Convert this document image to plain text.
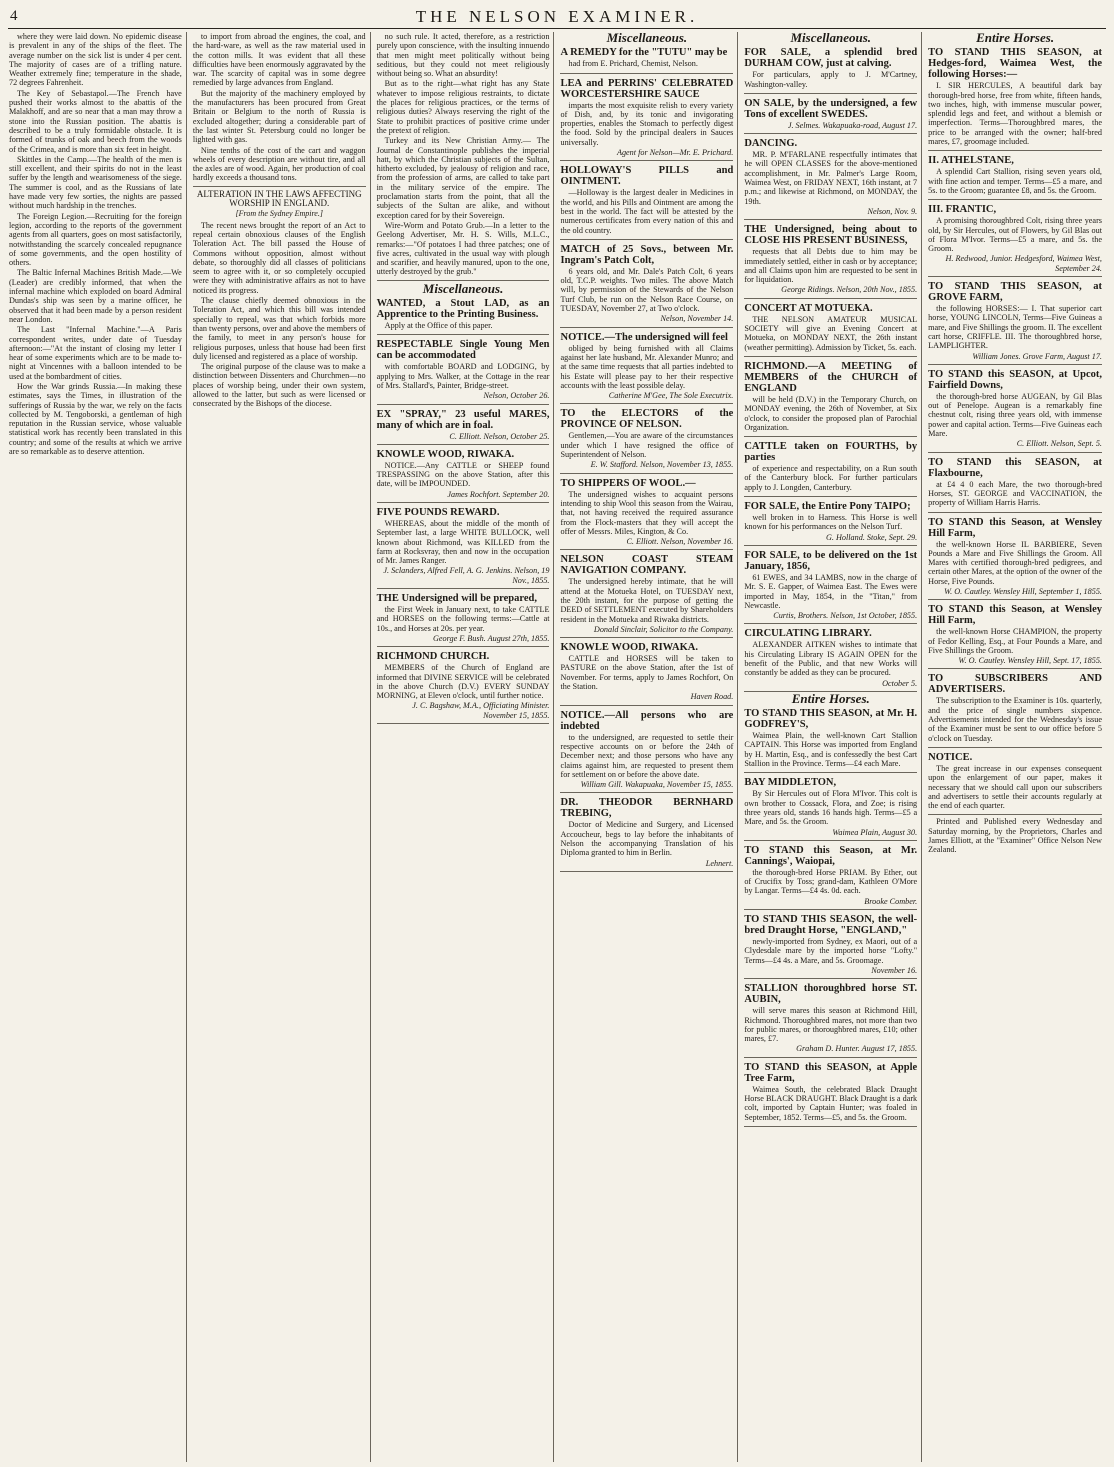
4	THE NELSON EXAMINER.

where they were laid down. No epidemic disease is prevalent in any of the ships of the fleet. The average number on the sick list is under 4 per cent. The majority of cases are of a trifling nature. Weather extremely fine; temperature in the shade, 72 degrees Fahrenheit.

The Key of Sebastapol.—The French have pushed their works almost to the abattis of the Malakhoff, and are so near that a man may throw a stone into the Russian position. The abattis is described to be a truly formidable obstacle. It is formed of trunks of oak and beech from the woods of the Crimea, and is more than six feet in height.

Skittles in the Camp.—The health of the men is still excellent, and their spirits do not in the least suffer by the length and wearisomeness of the siege. The summer is cool, and as the Russians of late have made very few sorties, the nights are passed without much hardship in the trenches.

The Foreign Legion.—Recruiting for the foreign legion, according to the reports of the government agents from all quarters, goes on most satisfactorily, notwithstanding the scarcely concealed repugnance of some governments, and the open hostility of others.

The Baltic Infernal Machines British Made.—We (Leader) are credibly informed, that when the infernal machine which exploded on board Admiral Dundas's ship was seen by a marine officer, he observed that it had been made by a person resident near London.

The Last "Infernal Machine."—A Paris correspondent writes, under date of Tuesday afternoon:—"At the instant of closing my letter I hear of some experiments which are to be made to-night at Vincennes with a balloon intended to be used at the bombardment of cities.

How the War grinds Russia.—In making these estimates, says the Times, in illustration of the sufferings of Russia by the war, we rely on the facts collected by M. Tengoborski, a gentleman of high reputation in the Russian service, whose valuable statistical work has recently been translated in this country; and some of the results at which we arrive are so remarkable as to deserve attention.

to import from abroad the engines, the coal, and the hard-ware, as well as the raw material used in the cotton mills. It was evident that all these difficulties have been enormously aggravated by the war. The scarcity of capital was in some degree remedied by large advances from England.

But the majority of the machinery employed by the manufacturers has been procured from Great Britain or Belgium to the north of Russia is excluded altogether; during a considerable part of the last winter St. Petersburg could no longer be lighted with gas.

Nine tenths of the cost of the cart and waggon wheels of every description are without tire, and all the axles are of wood. Again, her production of coal hardly exceeds a thousand tons.

ALTERATION IN THE LAWS AFFECTING WORSHIP IN ENGLAND.
[From the Sydney Empire.]

The recent news brought the report of an Act to repeal certain obnoxious clauses of the English Toleration Act. The bill passed the House of Commons without opposition, almost without debate, so thoroughly did all classes of politicians seem to agree with it, or so completely occupied were they with administrative affairs as not to have noticed its progress.

The clause chiefly deemed obnoxious in the Toleration Act, and which this bill was intended specially to repeal, was that which forbids more than twenty persons, over and above the members of the family, to meet in any person's house for religious purposes, unless that house had been first duly licensed and registered as a place of worship.

The original purpose of the clause was to make a distinction between Dissenters and Churchmen—no places of worship being, under their own system, allowed to the latter, but such as were licensed or consecrated by the Bishops of the diocese.

no such rule. It acted, therefore, as a restriction purely upon conscience, with the insulting innuendo that men might meet politically without being seditious, but they could not meet religiously without being so. What an absurdity!

But as to the right—what right has any State whatever to impose religious restraints, to dictate the places for religious practices, or the terms of religious duties? Always reserving the right of the State to prohibit practices of positive crime under the pretext of religion.

Turkey and its New Christian Army.— The Journal de Constantinople publishes the imperial hatt, by which the Christian subjects of the Sultan, hitherto excluded, by jealousy of religion and race, from the profession of arms, are called to take part in the military service of the empire. The proclamation starts from the point, that all the subjects of the Sultan are alike, and without exception cared for by their Sovereign.

Wire-Worm and Potato Grub.—In a letter to the Geelong Advertiser, Mr. H. S. Wills, M.L.C., remarks:—"Of potatoes I had three patches; one of five acres, cultivated in the usual way with plough and scarifier, and heavily manured, upon to the one, utterly destroyed by the grub."

Miscellaneous.
WANTED, a Stout LAD, as an Apprentice to the Printing Business.

Apply at the Office of this paper.

RESPECTABLE Single Young Men can be accommodated

with comfortable BOARD and LODGING, by applying to Mrs. Walker, at the Cottage in the rear of Mrs. Stallard's, Painter, Bridge-street.

Nelson, October 26.
EX "SPRAY," 23 useful MARES, many of which are in foal.
C. Elliott. Nelson, October 25.
KNOWLE WOOD, RIWAKA.

NOTICE.—Any CATTLE or SHEEP found TRESPASSING on the above Station, after this date, will be IMPOUNDED.

James Rochfort. September 20.
FIVE POUNDS REWARD.

WHEREAS, about the middle of the month of September last, a large WHITE BULLOCK, well known about Richmond, was KILLED from the farm at Rocksvray, then and now in the occupation of Mr. James Ranger.

J. Sclanders, Alfred Fell, A. G. Jenkins. Nelson, 19 Nov., 1855.
THE Undersigned will be prepared,

the First Week in January next, to take CATTLE and HORSES on the following terms:—Cattle at 10s., and Horses at 20s. per year.

George F. Bush. August 27th, 1855.
RICHMOND CHURCH.

MEMBERS of the Church of England are informed that DIVINE SERVICE will be celebrated in the above Church (D.V.) EVERY SUNDAY MORNING, at Eleven o'clock, until further notice.

J. C. Bagshaw, M.A., Officiating Minister. November 15, 1855.
Miscellaneous.
A REMEDY for the "TUTU" may be

had from E. Prichard, Chemist, Nelson.

LEA and PERRINS' CELEBRATED WORCESTERSHIRE SAUCE

imparts the most exquisite relish to every variety of Dish, and, by its tonic and invigorating properties, enables the Stomach to perfectly digest the food. Sold by the principal dealers in Sauces universally.

Agent for Nelson—Mr. E. Prichard.
HOLLOWAY'S PILLS and OINTMENT.

—Holloway is the largest dealer in Medicines in the world, and his Pills and Ointment are among the best in the world. The fact will be attested by the numerous certificates from every nation of this and the old country.

MATCH of 25 Sovs., between Mr. Ingram's Patch Colt,

6 years old, and Mr. Dale's Patch Colt, 6 years old, T.C.P. weights. Two miles. The above Match will, by permission of the Stewards of the Nelson Turf Club, be run on the Nelson Race Course, on TUESDAY, November 27, at Two o'clock.

Nelson, November 14.
NOTICE.—The undersigned will feel

obliged by being furnished with all Claims against her late husband, Mr. Alexander Munro; and at the same time requests that all parties indebted to his Estate will please pay to her their respective accounts with the least possible delay.

Catherine M'Gee, The Sole Executrix.
TO the ELECTORS of the PROVINCE OF NELSON.

Gentlemen,—You are aware of the circumstances under which I have resigned the office of Superintendent of Nelson.

E. W. Stafford. Nelson, November 13, 1855.
TO SHIPPERS OF WOOL.—

The undersigned wishes to acquaint persons intending to ship Wool this season from the Wairau, that, not having received the required assurance from the Flock-masters that they will accept the offer of Messrs. Miles, Kington, & Co.

C. Elliott. Nelson, November 16.
NELSON COAST STEAM NAVIGATION COMPANY.

The undersigned hereby intimate, that he will attend at the Motueka Hotel, on TUESDAY next, the 20th instant, for the purpose of getting the DEED of SETTLEMENT executed by Shareholders resident in the Motueka and Riwaka districts.

Donald Sinclair, Solicitor to the Company.
KNOWLE WOOD, RIWAKA.

CATTLE and HORSES will be taken to PASTURE on the above Station, after the 1st of November. For terms, apply to James Rochfort, On the Station.

Haven Road.
NOTICE.—All persons who are indebted

to the undersigned, are requested to settle their respective accounts on or before the 24th of December next; and those persons who have any claims against him, are requested to present them for settlement on or before the above date.

William Gill. Wakapuaka, November 15, 1855.
DR. THEODOR BERNHARD TREBING,

Doctor of Medicine and Surgery, and Licensed Accoucheur, begs to lay before the inhabitants of Nelson the accompanying Translation of his Diploma granted to him in Berlin.

Lehnert.
Miscellaneous.
FOR SALE, a splendid bred DURHAM COW, just at calving.

For particulars, apply to J. M'Cartney, Washington-valley.

ON SALE, by the undersigned, a few Tons of excellent SWEDES.
J. Selmes. Wakapuaka-road, August 17.
DANCING.

MR. P. M'FARLANE respectfully intimates that he will OPEN CLASSES for the above-mentioned accomplishment, in Mr. Palmer's Large Room, Waimea West, on FRIDAY NEXT, 16th instant, at 7 p.m.; and likewise at Richmond, on MONDAY, the 19th.

Nelson, Nov. 9.
THE Undersigned, being about to CLOSE HIS PRESENT BUSINESS,

requests that all Debts due to him may be immediately settled, either in cash or by acceptance; and all Claims upon him are requested to be sent in for liquidation.

George Ridings. Nelson, 20th Nov., 1855.
CONCERT AT MOTUEKA.

THE NELSON AMATEUR MUSICAL SOCIETY will give an Evening Concert at Motueka, on MONDAY NEXT, the 26th instant (weather permitting). Admission by Ticket, 5s. each.

RICHMOND.—A MEETING of MEMBERS of the CHURCH of ENGLAND

will be held (D.V.) in the Temporary Church, on MONDAY evening, the 26th of November, at Six o'clock, to consider the proposed plan of Parochial Organization.

CATTLE taken on FOURTHS, by parties

of experience and respectability, on a Run south of the Canterbury block. For further particulars apply to J. Longden, Canterbury.

FOR SALE, the Entire Pony TAIPO;

well broken in to Harness. This Horse is well known for his performances on the Nelson Turf.

G. Holland. Stoke, Sept. 29.
FOR SALE, to be delivered on the 1st January, 1856,

61 EWES, and 34 LAMBS, now in the charge of Mr. S. E. Gapper, of Waimea East. The Ewes were imported in May, 1854, in the "Titan," from Newcastle.

Curtis, Brothers. Nelson, 1st October, 1855.
CIRCULATING LIBRARY.

ALEXANDER AITKEN wishes to intimate that his Circulating Library IS AGAIN OPEN for the benefit of the Public, and that new Works will constantly be added as they can be procured.

October 5.
Entire Horses.
TO STAND THIS SEASON, at Mr. H. GODFREY'S,

Waimea Plain, the well-known Cart Stallion CAPTAIN. This Horse was imported from England by H. Martin, Esq., and is confessedly the best Cart Stallion in the Province. Terms—£4 each Mare.

BAY MIDDLETON,

By Sir Hercules out of Flora M'Ivor. This colt is own brother to Cossack, Flora, and Zoe; is rising three years old, stands 16 hands high. Terms—£5 a Mare, and 5s. the Groom.

Waimea Plain, August 30.
TO STAND this Season, at Mr. Cannings', Waiopai,

the thorough-bred Horse PRIAM. By Ether, out of Crucifix by Toss; grand-dam, Kathleen O'More by Langar. Terms—£4 4s. 0d. each.

Brooke Comber.
TO STAND THIS SEASON, the well-bred Draught Horse, "ENGLAND,"

newly-imported from Sydney, ex Maori, out of a Clydesdale mare by the imported horse "Lofty." Terms—£4 4s. a Mare, and 5s. Groomage.

November 16.
STALLION thoroughbred horse ST. AUBIN,

will serve mares this season at Richmond Hill, Richmond. Thoroughbred mares, not more than two for public mares, or thoroughbred mares, £10; other mares, £7.

Graham D. Hunter. August 17, 1855.
TO STAND this SEASON, at Apple Tree Farm,

Waimea South, the celebrated Black Draught Horse BLACK DRAUGHT. Black Draught is a dark colt, imported by Captain Hunter; was foaled in September, 1852. Terms—£5, and 5s. the Groom.

Entire Horses.
TO STAND THIS SEASON, at Hedges-ford, Waimea West, the following Horses:—

I. SIR HERCULES, A beautiful dark bay thorough-bred horse, free from white, fifteen hands, two inches, high, with immense muscular power, splendid legs and feet, and without a blemish or imperfection. Terms—Thoroughbred mares, the price to be arranged with the owner; half-bred mares, £7, groomage included.

II. ATHELSTANE,

A splendid Cart Stallion, rising seven years old, with fine action and temper. Terms—£5 a mare, and 5s. to the Groom; guarantee £8, and 5s. the Groom.

III. FRANTIC,

A promising thoroughbred Colt, rising three years old, by Sir Hercules, out of Flowers, by Gil Blas out of Flora M'Ivor. Terms—£5 a mare, and 5s. the Groom.

H. Redwood, Junior. Hedgesford, Waimea West, September 24.
TO STAND THIS SEASON, at GROVE FARM,

the following HORSES:— I. That superior cart horse, YOUNG LINCOLN, Terms—Five Guineas a mare, and Five Shillings the groom. II. The excellent cart horse, CRIFFLE. III. The thoroughbred horse, LAMPLIGHTER.

William Jones. Grove Farm, August 17.
TO STAND this SEASON, at Upcot, Fairfield Downs,

the thorough-bred horse AUGEAN, by Gil Blas out of Penelope. Augean is a remarkably fine chestnut colt, rising three years old, with immense power and capital action. Terms—Five Guineas each Mare.

C. Elliott. Nelson, Sept. 5.
TO STAND this SEASON, at Flaxbourne,

at £4 4 0 each Mare, the two thorough-bred Horses, ST. GEORGE and VACCINATION, the property of William Harris Harris.

TO STAND this Season, at Wensley Hill Farm,

the well-known Horse IL BARBIERE, Seven Pounds a Mare and Five Shillings the Groom. All Mares with certified thorough-bred pedigrees, and certain other Mares, at the option of the owner of the Horse, Five Pounds.

W. O. Cautley. Wensley Hill, September 1, 1855.
TO STAND this Season, at Wensley Hill Farm,

the well-known Horse CHAMPION, the property of Fedor Kelling, Esq., at Four Pounds a Mare, and Five Shillings the Groom.

W. O. Cautley. Wensley Hill, Sept. 17, 1855.
TO SUBSCRIBERS AND ADVERTISERS.

The subscription to the Examiner is 10s. quarterly, and the price of single numbers sixpence. Advertisements intended for the Wednesday's issue of the Examiner must be sent to our office before 5 o'clock on Tuesday.

NOTICE.

The great increase in our expenses consequent upon the enlargement of our paper, makes it necessary that we should call upon our subscribers and advertisers to settle their accounts regularly at the end of each quarter.

Printed and Published every Wednesday and Saturday morning, by the Proprietors, Charles and James Elliott, at the "Examiner" Office Nelson New Zealand.
